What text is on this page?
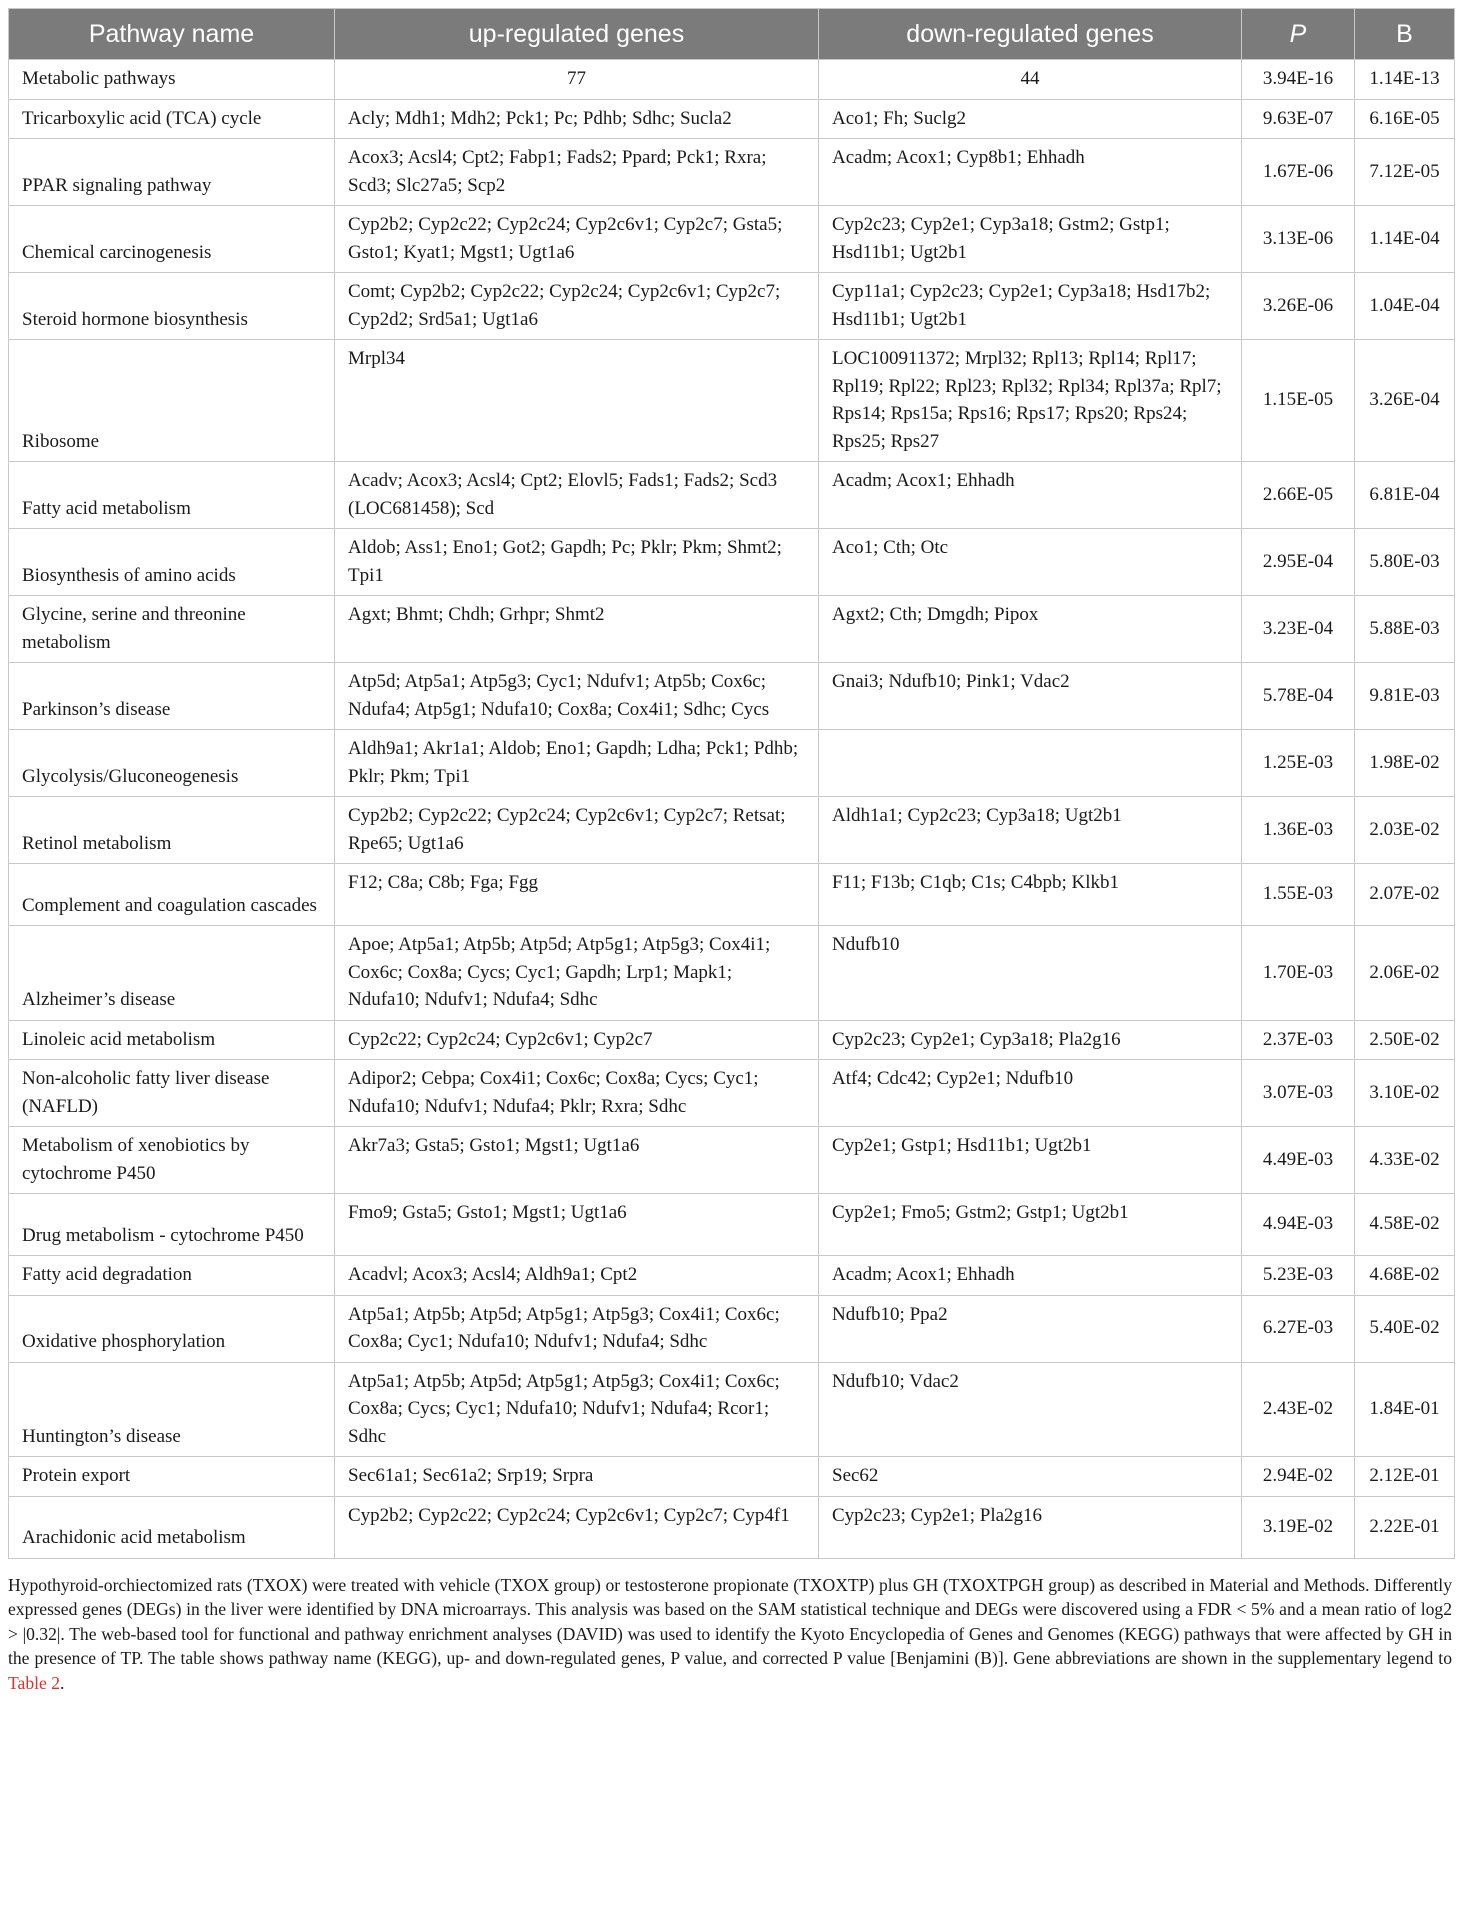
Pathway name	up-regulated genes	down-regulated genes	P	B
Metabolic pathways	77	44	3.94E-16	1.14E-13
Tricarboxylic acid (TCA) cycle	Acly; Mdh1; Mdh2; Pck1; Pc; Pdhb; Sdhc; Sucla2	Aco1; Fh; Suclg2	9.63E-07	6.16E-05
PPAR signaling pathway	Acox3; Acsl4; Cpt2; Fabp1; Fads2; Ppard; Pck1; Rxra; Scd3; Slc27a5; Scp2	Acadm; Acox1; Cyp8b1; Ehhadh	1.67E-06	7.12E-05
Chemical carcinogenesis	Cyp2b2; Cyp2c22; Cyp2c24; Cyp2c6v1; Cyp2c7; Gsta5; Gsto1; Kyat1; Mgst1; Ugt1a6	Cyp2c23; Cyp2e1; Cyp3a18; Gstm2; Gstp1; Hsd11b1; Ugt2b1	3.13E-06	1.14E-04
Steroid hormone biosynthesis	Comt; Cyp2b2; Cyp2c22; Cyp2c24; Cyp2c6v1; Cyp2c7; Cyp2d2; Srd5a1; Ugt1a6	Cyp11a1; Cyp2c23; Cyp2e1; Cyp3a18; Hsd17b2; Hsd11b1; Ugt2b1	3.26E-06	1.04E-04
Ribosome	Mrpl34	LOC100911372; Mrpl32; Rpl13; Rpl14; Rpl17; Rpl19; Rpl22; Rpl23; Rpl32; Rpl34; Rpl37a; Rpl7; Rps14; Rps15a; Rps16; Rps17; Rps20; Rps24; Rps25; Rps27	1.15E-05	3.26E-04
Fatty acid metabolism	Acadv; Acox3; Acsl4; Cpt2; Elovl5; Fads1; Fads2; Scd3 (LOC681458); Scd	Acadm; Acox1; Ehhadh	2.66E-05	6.81E-04
Biosynthesis of amino acids	Aldob; Ass1; Eno1; Got2; Gapdh; Pc; Pklr; Pkm; Shmt2; Tpi1	Aco1; Cth; Otc	2.95E-04	5.80E-03
Glycine, serine and threonine metabolism	Agxt; Bhmt; Chdh; Grhpr; Shmt2	Agxt2; Cth; Dmgdh; Pipox	3.23E-04	5.88E-03
Parkinson’s disease	Atp5d; Atp5a1; Atp5g3; Cyc1; Ndufv1; Atp5b; Cox6c; Ndufa4; Atp5g1; Ndufa10; Cox8a; Cox4i1; Sdhc; Cycs	Gnai3; Ndufb10; Pink1; Vdac2	5.78E-04	9.81E-03
Glycolysis/Gluconeogenesis	Aldh9a1; Akr1a1; Aldob; Eno1; Gapdh; Ldha; Pck1; Pdhb; Pklr; Pkm; Tpi1		1.25E-03	1.98E-02
Retinol metabolism	Cyp2b2; Cyp2c22; Cyp2c24; Cyp2c6v1; Cyp2c7; Retsat; Rpe65; Ugt1a6	Aldh1a1; Cyp2c23; Cyp3a18; Ugt2b1	1.36E-03	2.03E-02
Complement and coagulation cascades	F12; C8a; C8b; Fga; Fgg	F11; F13b; C1qb; C1s; C4bpb; Klkb1	1.55E-03	2.07E-02
Alzheimer’s disease	Apoe; Atp5a1; Atp5b; Atp5d; Atp5g1; Atp5g3; Cox4i1; Cox6c; Cox8a; Cycs; Cyc1; Gapdh; Lrp1; Mapk1; Ndufa10; Ndufv1; Ndufa4; Sdhc	Ndufb10	1.70E-03	2.06E-02
Linoleic acid metabolism	Cyp2c22; Cyp2c24; Cyp2c6v1; Cyp2c7	Cyp2c23; Cyp2e1; Cyp3a18; Pla2g16	2.37E-03	2.50E-02
Non-alcoholic fatty liver disease (NAFLD)	Adipor2; Cebpa; Cox4i1; Cox6c; Cox8a; Cycs; Cyc1; Ndufa10; Ndufv1; Ndufa4; Pklr; Rxra; Sdhc	Atf4; Cdc42; Cyp2e1; Ndufb10	3.07E-03	3.10E-02
Metabolism of xenobiotics by cytochrome P450	Akr7a3; Gsta5; Gsto1; Mgst1; Ugt1a6	Cyp2e1; Gstp1; Hsd11b1; Ugt2b1	4.49E-03	4.33E-02
Drug metabolism - cytochrome P450	Fmo9; Gsta5; Gsto1; Mgst1; Ugt1a6	Cyp2e1; Fmo5; Gstm2; Gstp1; Ugt2b1	4.94E-03	4.58E-02
Fatty acid degradation	Acadvl; Acox3; Acsl4; Aldh9a1; Cpt2	Acadm; Acox1; Ehhadh	5.23E-03	4.68E-02
Oxidative phosphorylation	Atp5a1; Atp5b; Atp5d; Atp5g1; Atp5g3; Cox4i1; Cox6c; Cox8a; Cyc1; Ndufa10; Ndufv1; Ndufa4; Sdhc	Ndufb10; Ppa2	6.27E-03	5.40E-02
Huntington’s disease	Atp5a1; Atp5b; Atp5d; Atp5g1; Atp5g3; Cox4i1; Cox6c; Cox8a; Cycs; Cyc1; Ndufa10; Ndufv1; Ndufa4; Rcor1; Sdhc	Ndufb10; Vdac2	2.43E-02	1.84E-01
Protein export	Sec61a1; Sec61a2; Srp19; Srpra	Sec62	2.94E-02	2.12E-01
Arachidonic acid metabolism	Cyp2b2; Cyp2c22; Cyp2c24; Cyp2c6v1; Cyp2c7; Cyp4f1	Cyp2c23; Cyp2e1; Pla2g16	3.19E-02	2.22E-01
Hypothyroid-orchiectomized rats (TXOX) were treated with vehicle (TXOX group) or testosterone propionate (TXOXTP) plus GH (TXOXTPGH group) as described in Material and Methods. Differently expressed genes (DEGs) in the liver were identified by DNA microarrays. This analysis was based on the SAM statistical technique and DEGs were discovered using a FDR < 5% and a mean ratio of log2 > |0.32|. The web-based tool for functional and pathway enrichment analyses (DAVID) was used to identify the Kyoto Encyclopedia of Genes and Genomes (KEGG) pathways that were affected by GH in the presence of TP. The table shows pathway name (KEGG), up- and down-regulated genes, P value, and corrected P value [Benjamini (B)]. Gene abbreviations are shown in the supplementary legend to Table 2.
